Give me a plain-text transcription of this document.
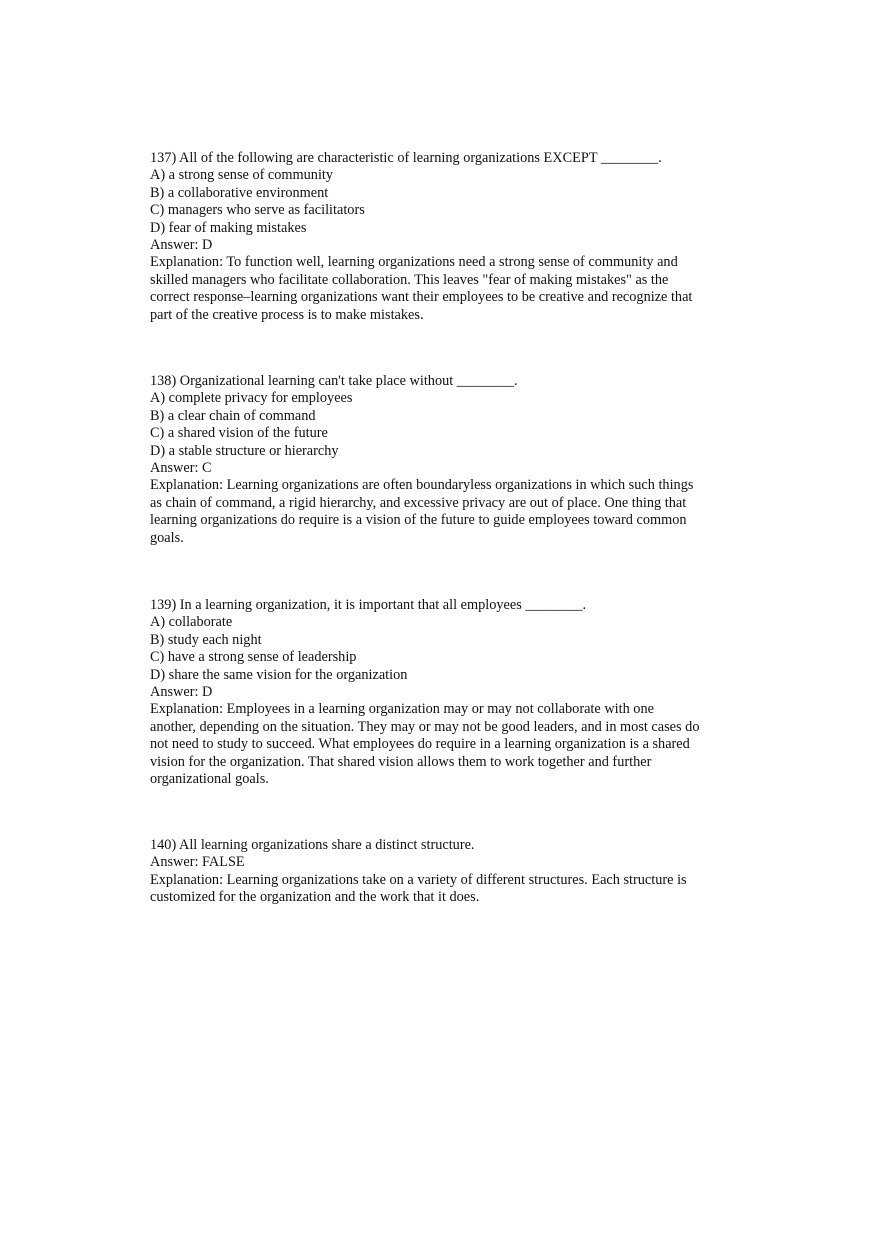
137) All of the following are characteristic of learning organizations EXCEPT ________.
A) a strong sense of community
B) a collaborative environment
C) managers who serve as facilitators
D) fear of making mistakes
Answer: D
Explanation: To function well, learning organizations need a strong sense of community and
skilled managers who facilitate collaboration. This leaves "fear of making mistakes" as the
correct response–learning organizations want their employees to be creative and recognize that
part of the creative process is to make mistakes.
138) Organizational learning can't take place without ________.
A) complete privacy for employees
B) a clear chain of command
C) a shared vision of the future
D) a stable structure or hierarchy
Answer: C
Explanation: Learning organizations are often boundaryless organizations in which such things
as chain of command, a rigid hierarchy, and excessive privacy are out of place. One thing that
learning organizations do require is a vision of the future to guide employees toward common
goals.
139) In a learning organization, it is important that all employees ________.
A) collaborate
B) study each night
C) have a strong sense of leadership
D) share the same vision for the organization
Answer: D
Explanation: Employees in a learning organization may or may not collaborate with one
another, depending on the situation. They may or may not be good leaders, and in most cases do
not need to study to succeed. What employees do require in a learning organization is a shared
vision for the organization. That shared vision allows them to work together and further
organizational goals.
140) All learning organizations share a distinct structure.
Answer: FALSE
Explanation: Learning organizations take on a variety of different structures. Each structure is
customized for the organization and the work that it does.
